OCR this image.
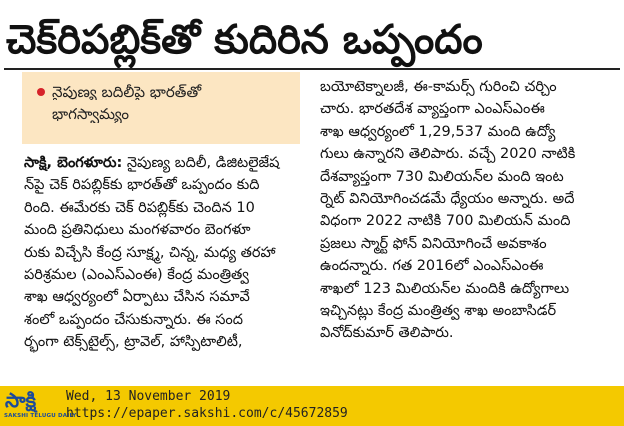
చెక్‌రిపబ్లిక్‌తో కుదిరిన ఒప్పందం
నైపుణ్య బదిలీపై భారత్‌తో
భాగస్వామ్యం
సాక్షి, బెంగళూరు: నైపుణ్య బదిలీ, డిజిటలైజేష
న్‌పై చెక్ రిపబ్లిక్‌కు భారత్‌తో ఒప్పందం కుది
రింది. ఈమేరకు చెక్ రిపబ్లిక్‌కు చెందిన 10
మంది ప్రతినిధులు మంగళవారం బెంగళూ
రుకు విచ్చేసి కేంద్ర సూక్ష్మ, చిన్న, మధ్య తరహా
పరిశ్రమల (ఎంఎస్ఎంఈ) కేంద్ర మంత్రిత్వ
శాఖ ఆధ్వర్యంలో ఏర్పాటు చేసిన సమావే
శంలో ఒప్పందం చేసుకున్నారు. ఈ సంద
ర్భంగా టెక్స్‌టైల్స్, ట్రావెల్, హాస్పిటాలిటీ,
బయోటెక్నాలజీ, ఈ-కామర్స్ గురించి చర్చిం
చారు. భారతదేశ వ్యాప్తంగా ఎంఎస్ఎంఈ
శాఖ ఆధ్వర్యంలో 1,29,537 మంది ఉద్యో
గులు ఉన్నారని తెలిపారు. వచ్చే 2020 నాటికి
దేశవ్యాప్తంగా 730 మిలియన్‌ల మంది ఇంట
ర్నెట్ వినియోగించడమే ధ్యేయం అన్నారు. అదే
విధంగా 2022 నాటికి 700 మిలియన్ మంది
ప్రజలు స్మార్ట్ ఫోన్ వినియోగించే అవకాశం
ఉందన్నారు. గత 2016లో ఎంఎస్ఎంఈ
శాఖలో 123 మిలియన్‌ల మందికి ఉద్యోగాలు
ఇచ్చినట్లు కేంద్ర మంత్రిత్వ శాఖ అంబాసిడర్
వినోద్‌కుమార్ తెలిపారు.
సాక్షి
SAKSHI TELUGU DAILY
Wed, 13 November 2019
https://epaper.sakshi.com/c/45672859
